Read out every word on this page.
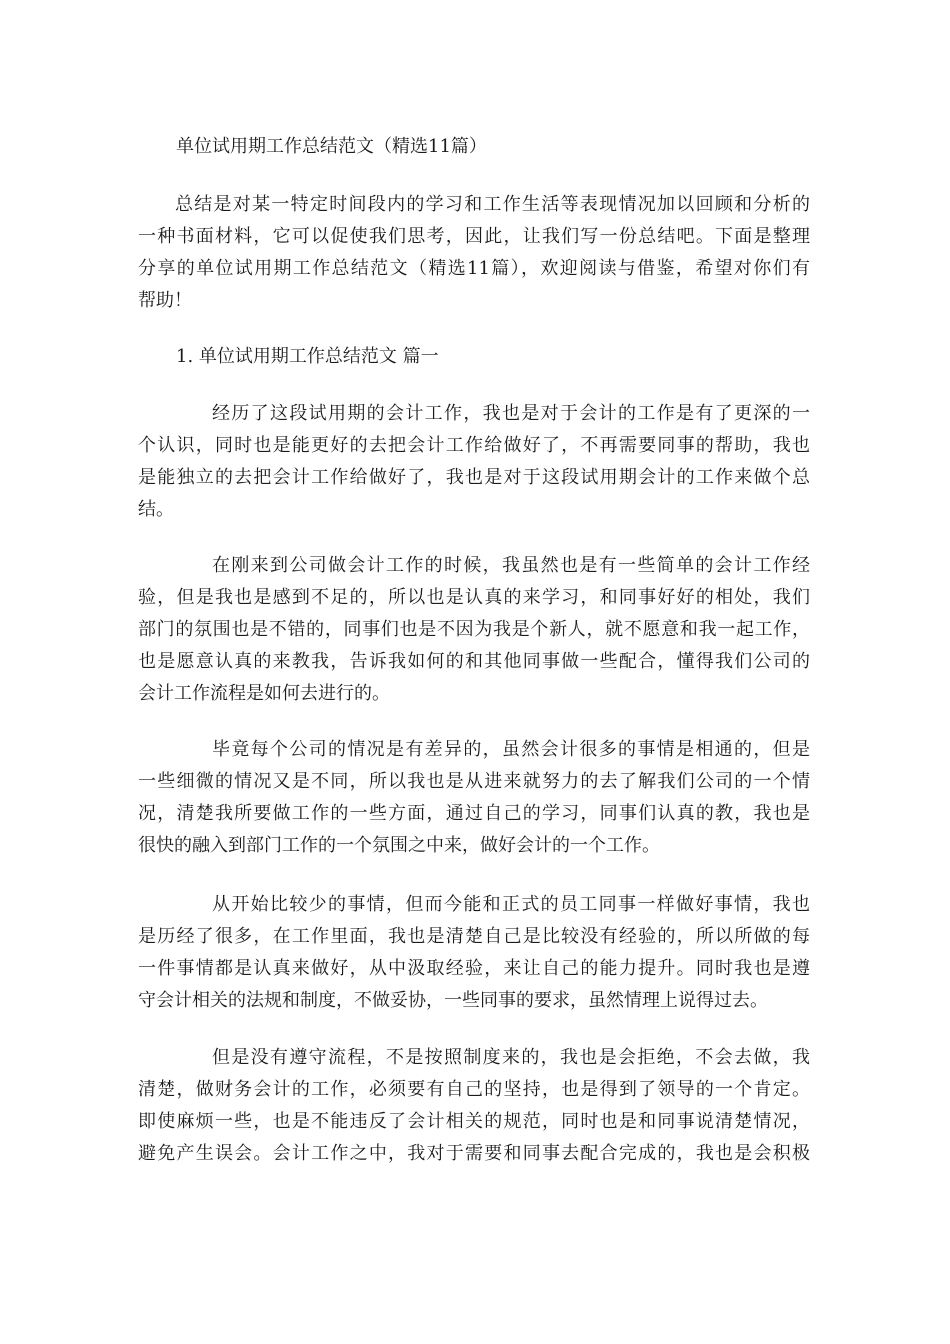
单位试用期工作总结范文（精选11篇）
总结是对某一特定时间段内的学习和工作生活等表现情况加以回顾和分析的
一种书面材料，它可以促使我们思考，因此，让我们写一份总结吧。下面是整理
分享的单位试用期工作总结范文（精选11篇），欢迎阅读与借鉴，希望对你们有
帮助！
1. 单位试用期工作总结范文 篇一
经历了这段试用期的会计工作，我也是对于会计的工作是有了更深的一
个认识，同时也是能更好的去把会计工作给做好了，不再需要同事的帮助，我也
是能独立的去把会计工作给做好了，我也是对于这段试用期会计的工作来做个总
结。
在刚来到公司做会计工作的时候，我虽然也是有一些简单的会计工作经
验，但是我也是感到不足的，所以也是认真的来学习，和同事好好的相处，我们
部门的氛围也是不错的，同事们也是不因为我是个新人，就不愿意和我一起工作，
也是愿意认真的来教我，告诉我如何的和其他同事做一些配合，懂得我们公司的
会计工作流程是如何去进行的。
毕竟每个公司的情况是有差异的，虽然会计很多的事情是相通的，但是
一些细微的情况又是不同，所以我也是从进来就努力的去了解我们公司的一个情
况，清楚我所要做工作的一些方面，通过自己的学习，同事们认真的教，我也是
很快的融入到部门工作的一个氛围之中来，做好会计的一个工作。
从开始比较少的事情，但而今能和正式的员工同事一样做好事情，我也
是历经了很多，在工作里面，我也是清楚自己是比较没有经验的，所以所做的每
一件事情都是认真来做好，从中汲取经验，来让自己的能力提升。同时我也是遵
守会计相关的法规和制度，不做妥协，一些同事的要求，虽然情理上说得过去。
但是没有遵守流程，不是按照制度来的，我也是会拒绝，不会去做，我
清楚，做财务会计的工作，必须要有自己的坚持，也是得到了领导的一个肯定。
即使麻烦一些，也是不能违反了会计相关的规范，同时也是和同事说清楚情况，
避免产生误会。会计工作之中，我对于需要和同事去配合完成的，我也是会积极
